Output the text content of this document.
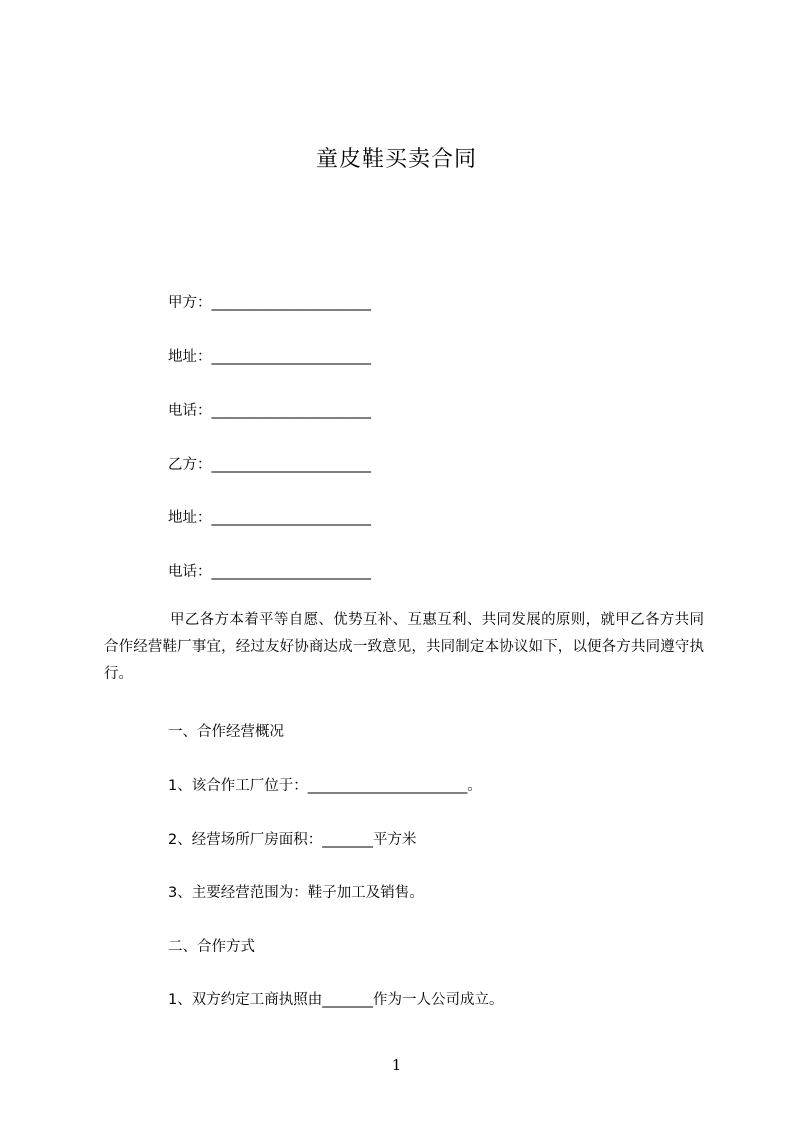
童皮鞋买卖合同
甲方：______________________
地址：______________________
电话：______________________
乙方：______________________
地址：______________________
电话：______________________
甲乙各方本着平等自愿、优势互补、互惠互利、共同发展的原则，就甲乙各方共同合作经营鞋厂事宜，经过友好协商达成一致意见，共同制定本协议如下，以便各方共同遵守执行。
一、合作经营概况
1、该合作工厂位于：______________________。
2、经营场所厂房面积：_______平方米
3、主要经营范围为：鞋子加工及销售。
二、合作方式
1、双方约定工商执照由_______作为一人公司成立。
1
